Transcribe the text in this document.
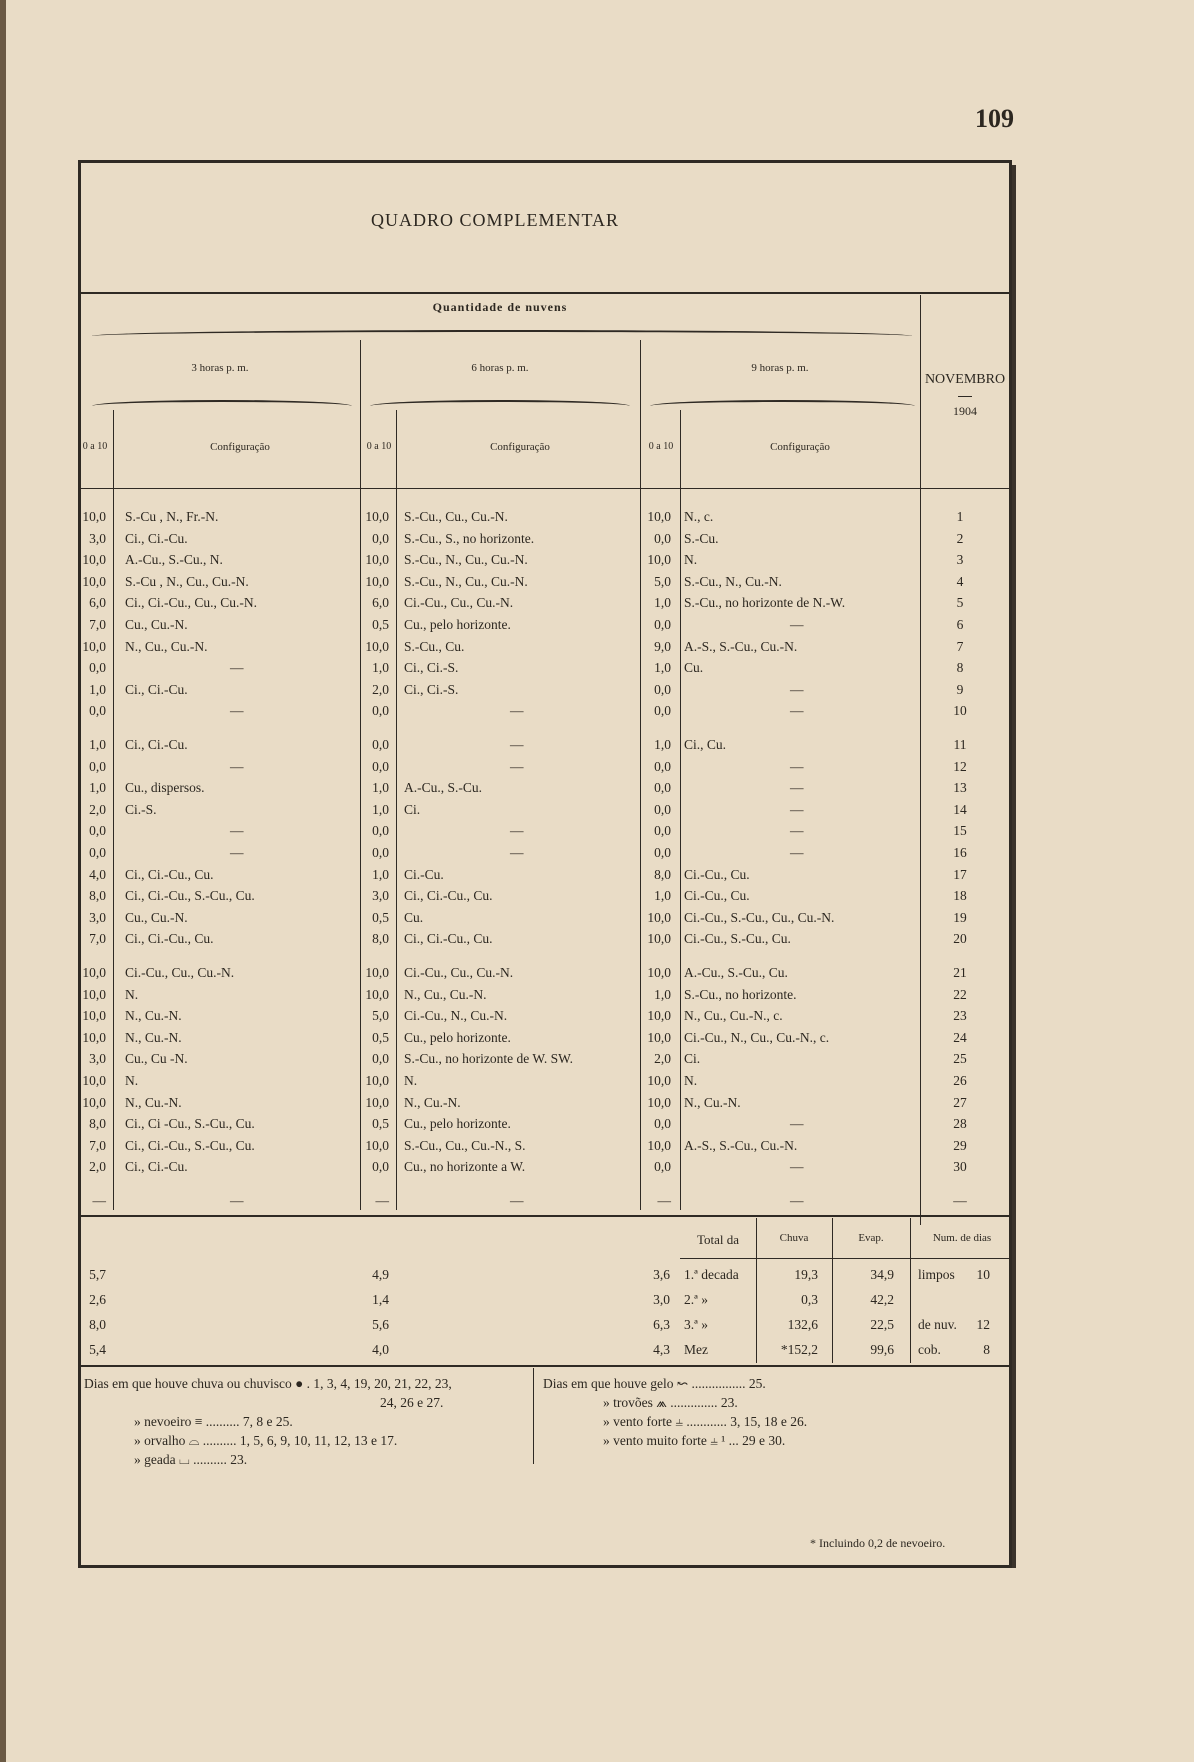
109
QUADRO COMPLEMENTAR
Quantidade de nuvens
3 horas p. m.	6 horas p. m.	9 horas p. m.
NOVEMBRO
1904
0 a 10	Configuração	0 a 10	Configuração	0 a 10	Configuração
10,0 S.-Cu , N., Fr.-N.	10,0 S.-Cu., Cu., Cu.-N.	10,0 N., c.	1
3,0 Ci., Ci.-Cu.	0,0 S.-Cu., S., no horizonte.	0,0 S.-Cu.	2
10,0 A.-Cu., S.-Cu., N.	10,0 S.-Cu., N., Cu., Cu.-N.	10,0 N.	3
10,0 S.-Cu , N., Cu., Cu.-N.	10,0 S.-Cu., N., Cu., Cu.-N.	5,0 S.-Cu., N., Cu.-N.	4
6,0 Ci., Ci.-Cu., Cu., Cu.-N.	6,0 Ci.-Cu., Cu., Cu.-N.	1,0 S.-Cu., no horizonte de N.-W.	5
7,0 Cu., Cu.-N.	0,5 Cu., pelo horizonte.	0,0	—	6
10,0 N., Cu., Cu.-N.	10,0 S.-Cu., Cu.	9,0 A.-S., S.-Cu., Cu.-N.	7
0,0	—	1,0 Ci., Ci.-S.	1,0 Cu.	8
1,0 Ci., Ci.-Cu.	2,0 Ci., Ci.-S.	0,0	—	9
0,0	—	0,0	—	0,0	—	10
1,0 Ci., Ci.-Cu.	0,0	—	1,0 Ci., Cu.	11
0,0	—	0,0	—	0,0	—	12
1,0 Cu., dispersos.	1,0 A.-Cu., S.-Cu.	0,0	—	13
2,0 Ci.-S.	1,0 Ci.	0,0	—	14
0,0	—	0,0	—	0,0	—	15
0,0	—	0,0	—	0,0	—	16
4,0 Ci., Ci.-Cu., Cu.	1,0 Ci.-Cu.	8,0 Ci.-Cu., Cu.	17
8,0 Ci., Ci.-Cu., S.-Cu., Cu.	3,0 Ci., Ci.-Cu., Cu.	1,0 Ci.-Cu., Cu.	18
3,0 Cu., Cu.-N.	0,5 Cu.	10,0 Ci.-Cu., S.-Cu., Cu., Cu.-N.	19
7,0 Ci., Ci.-Cu., Cu.	8,0 Ci., Ci.-Cu., Cu.	10,0 Ci.-Cu., S.-Cu., Cu.	20
10,0 Ci.-Cu., Cu., Cu.-N.	10,0 Ci.-Cu., Cu., Cu.-N.	10,0 A.-Cu., S.-Cu., Cu.	21
10,0 N.	10,0 N., Cu., Cu.-N.	1,0 S.-Cu., no horizonte.	22
10,0 N., Cu.-N.	5,0 Ci.-Cu., N., Cu.-N.	10,0 N., Cu., Cu.-N., c.	23
10,0 N., Cu.-N.	0,5 Cu., pelo horizonte.	10,0 Ci.-Cu., N., Cu., Cu.-N., c.	24
3,0 Cu., Cu -N.	0,0 S.-Cu., no horizonte de W. SW.	2,0 Ci.	25
10,0 N.	10,0 N.	10,0 N.	26
10,0 N., Cu.-N.	10,0 N., Cu.-N.	10,0 N., Cu.-N.	27
8,0 Ci., Ci -Cu., S.-Cu., Cu.	0,5 Cu., pelo horizonte.	0,0	—	28
7,0 Ci., Ci.-Cu., S.-Cu., Cu.	10,0 S.-Cu., Cu., Cu.-N., S.	10,0 A.-S., S.-Cu., Cu.-N.	29
2,0 Ci., Ci.-Cu.	0,0 Cu., no horizonte a W.	0,0	—	30
—	—	—	—	—	—	—
Total da	Chuva	Evap.	Num. de dias
5,7	4,9	3,6 1.ª decada	19,3	34,9 limpos	10
2,6	1,4	3,0 2.ª »	0,3	42,2
8,0	5,6	6,3 3.ª »	132,6	22,5 de nuv.	12
5,4	4,0	4,3 Mez	*152,2	99,6 cob.	8
Dias em que houve chuva ou chuvisco ● . 1, 3, 4, 19, 20, 21, 22, 23,
24, 26 e 27.
» nevoeiro ≡ .......... 7, 8 e 25.
» orvalho ⌓ .......... 1, 5, 6, 9, 10, 11, 12, 13 e 17.
» geada ⌴ .......... 23.
Dias em que houve gelo ↜ ................ 25.
» trovões ⩕ .............. 23.
» vento forte ⫨ ............ 3, 15, 18 e 26.
» vento muito forte ⫨ ¹ ... 29 e 30.
* Incluindo 0,2 de nevoeiro.
